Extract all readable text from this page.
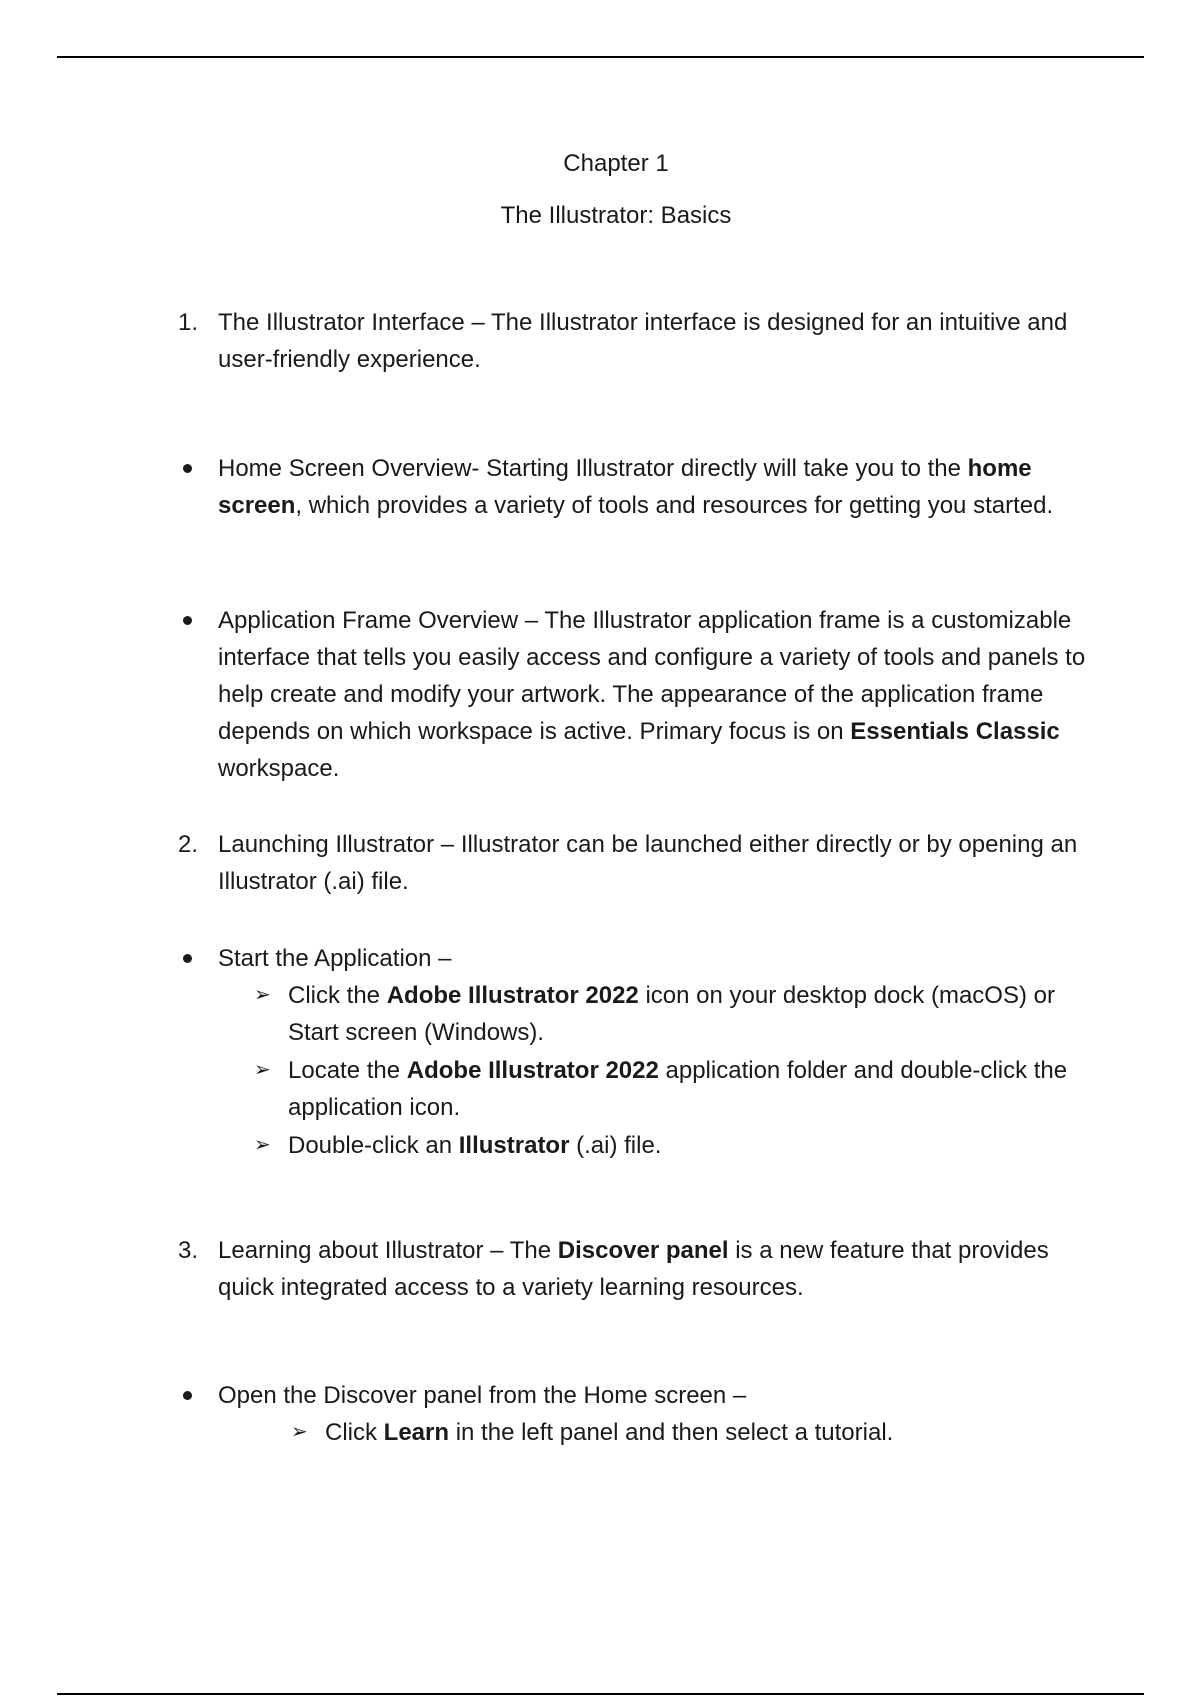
Chapter 1
The Illustrator: Basics
1. The Illustrator Interface – The Illustrator interface is designed for an intuitive and user-friendly experience.
Home Screen Overview- Starting Illustrator directly will take you to the home screen, which provides a variety of tools and resources for getting you started.
Application Frame Overview – The Illustrator application frame is a customizable interface that tells you easily access and configure a variety of tools and panels to help create and modify your artwork. The appearance of the application frame depends on which workspace is active. Primary focus is on Essentials Classic workspace.
2. Launching Illustrator – Illustrator can be launched either directly or by opening an Illustrator (.ai) file.
Start the Application –
➢ Click the Adobe Illustrator 2022 icon on your desktop dock (macOS) or Start screen (Windows).
➢ Locate the Adobe Illustrator 2022 application folder and double-click the application icon.
➢ Double-click an Illustrator (.ai) file.
3. Learning about Illustrator – The Discover panel is a new feature that provides quick integrated access to a variety learning resources.
Open the Discover panel from the Home screen –
➢ Click Learn in the left panel and then select a tutorial.
